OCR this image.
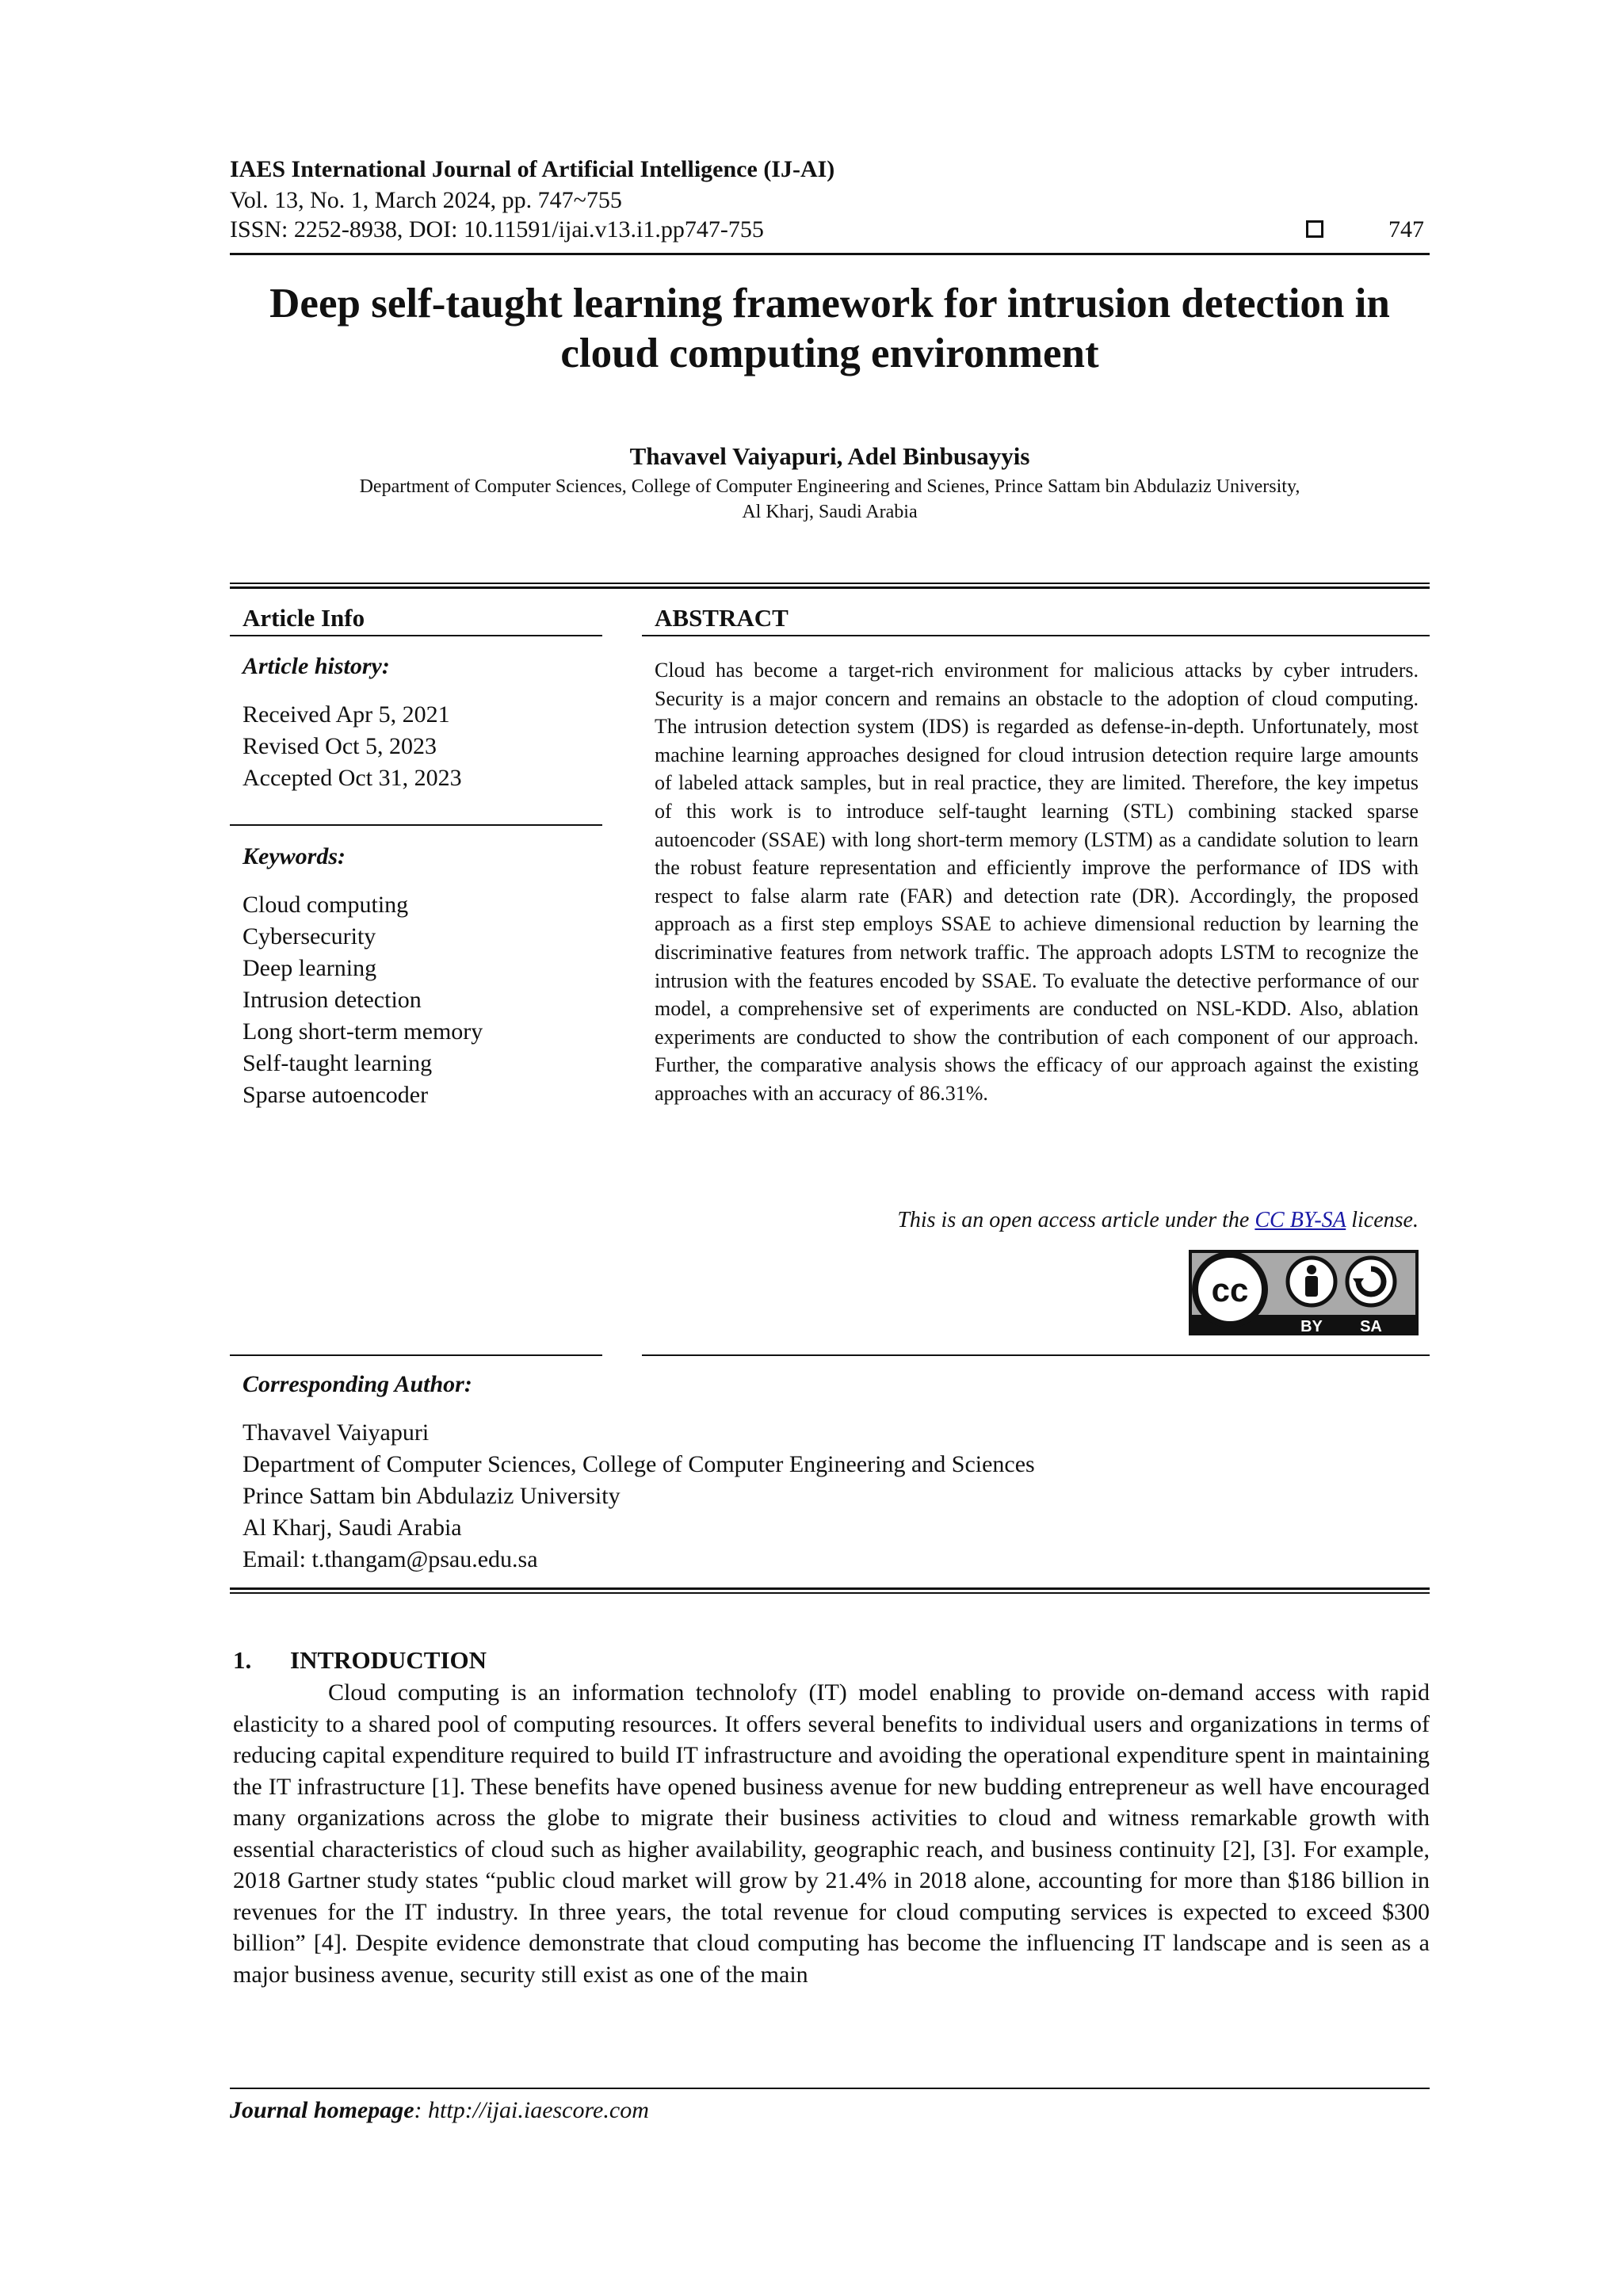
IAES International Journal of Artificial Intelligence (IJ-AI)
Vol. 13, No. 1, March 2024, pp. 747~755
ISSN: 2252-8938, DOI: 10.11591/ijai.v13.i1.pp747-755	747
Deep self-taught learning framework for intrusion detection in
cloud computing environment
Thavavel Vaiyapuri, Adel Binbusayyis
Department of Computer Sciences, College of Computer Engineering and Scienes, Prince Sattam bin Abdulaziz University,
Al Kharj, Saudi Arabia
Article Info
Article history:
Received Apr 5, 2021
Revised Oct 5, 2023
Accepted Oct 31, 2023
Keywords:
Cloud computing
Cybersecurity
Deep learning
Intrusion detection
Long short-term memory
Self-taught learning
Sparse autoencoder
ABSTRACT
Cloud has become a target-rich environment for malicious attacks by cyber intruders. Security is a major concern and remains an obstacle to the adoption of cloud computing. The intrusion detection system (IDS) is regarded as defense-in-depth. Unfortunately, most machine learning approaches designed for cloud intrusion detection require large amounts of labeled attack samples, but in real practice, they are limited. Therefore, the key impetus of this work is to introduce self-taught learning (STL) combining stacked sparse autoencoder (SSAE) with long short-term memory (LSTM) as a candidate solution to learn the robust feature representation and efficiently improve the performance of IDS with respect to false alarm rate (FAR) and detection rate (DR). Accordingly, the proposed approach as a first step employs SSAE to achieve dimensional reduction by learning the discriminative features from network traffic. The approach adopts LSTM to recognize the intrusion with the features encoded by SSAE. To evaluate the detective performance of our model, a comprehensive set of experiments are conducted on NSL-KDD. Also, ablation experiments are conducted to show the contribution of each component of our approach. Further, the comparative analysis shows the efficacy of our approach against the existing approaches with an accuracy of 86.31%.
This is an open access article under the CC BY-SA license.
cc
BY SA
Corresponding Author:
Thavavel Vaiyapuri
Department of Computer Sciences, College of Computer Engineering and Sciences
Prince Sattam bin Abdulaziz University
Al Kharj, Saudi Arabia
Email: t.thangam@psau.edu.sa
1. INTRODUCTION
Cloud computing is an information technolofy (IT) model enabling to provide on-demand access with rapid elasticity to a shared pool of computing resources. It offers several benefits to individual users and organizations in terms of reducing capital expenditure required to build IT infrastructure and avoiding the operational expenditure spent in maintaining the IT infrastructure [1]. These benefits have opened business avenue for new budding entrepreneur as well have encouraged many organizations across the globe to migrate their business activities to cloud and witness remarkable growth with essential characteristics of cloud such as higher availability, geographic reach, and business continuity [2], [3]. For example, 2018 Gartner study states “public cloud market will grow by 21.4% in 2018 alone, accounting for more than $186 billion in revenues for the IT industry. In three years, the total revenue for cloud computing services is expected to exceed $300 billion” [4]. Despite evidence demonstrate that cloud computing has become the influencing IT landscape and is seen as a major business avenue, security still exist as one of the main
Journal homepage: http://ijai.iaescore.com
